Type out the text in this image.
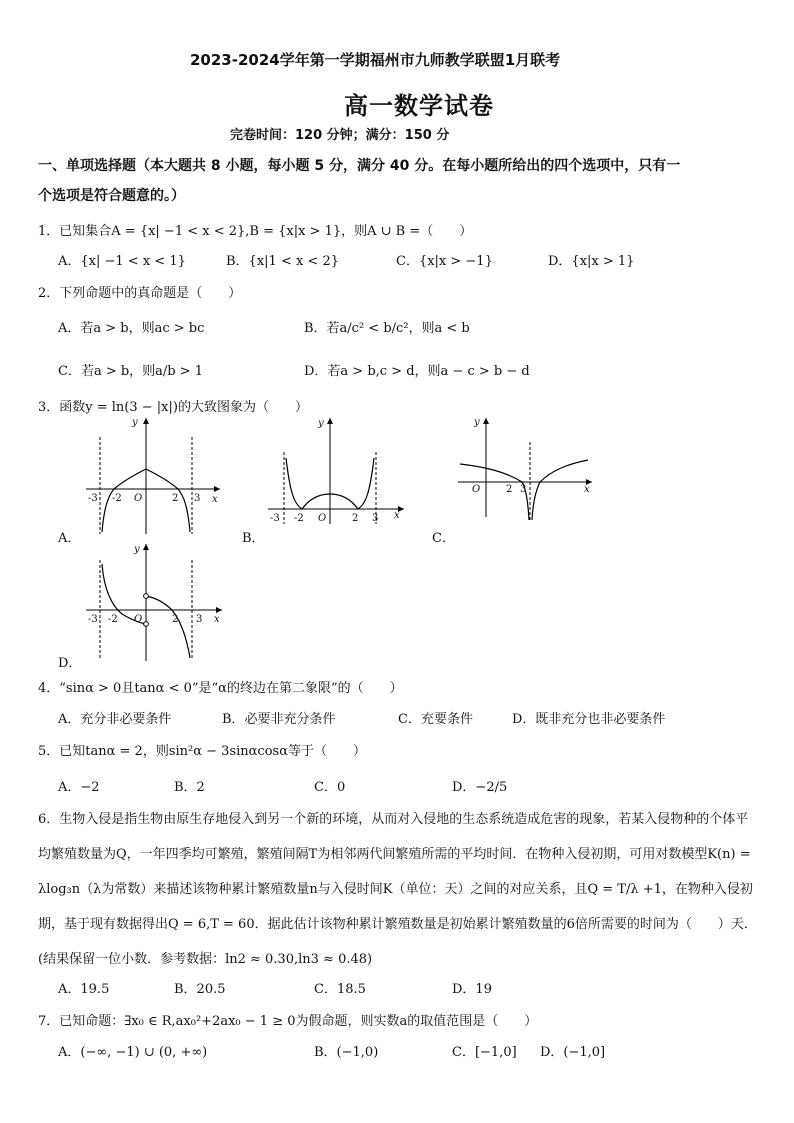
2023-2024学年第一学期福州市九师教学联盟1月联考
高一数学试卷
完卷时间：120 分钟；满分：150 分
一、单项选择题（本大题共 8 小题，每小题 5 分，满分 40 分。在每小题所给出的四个选项中，只有一
个选项是符合题意的。）
1．已知集合A = {x| −1 < x < 2},B = {x|x > 1}，则A ∪ B =（　　）
A．{x| −1 < x < 1}	B．{x|1 < x < 2}	C．{x|x > −1}	D．{x|x > 1}
2．下列命题中的真命题是（　　）
A．若a > b，则ac > bc	B．若a/c² < b/c²，则a < b
C．若a > b，则a/b > 1	D．若a > b,c > d，则a − c > b − d
3．函数y = ln(3 − |x|)的大致图象为（　　）
y
x
-3 -2 O	2 3
A．
y
x
-3 -2 O	2 3
B．
y
x
O	2 3
C．
y
x
-3 -2 O	2 3
D．
4．“sinα > 0且tanα < 0”是“α的终边在第二象限”的（　　）
A．充分非必要条件	B．必要非充分条件	C．充要条件	D．既非充分也非必要条件
5．已知tanα = 2，则sin²α − 3sinαcosα等于（　　）
A．−2	B．2	C．0	D．−2/5
6．生物入侵是指生物由原生存地侵入到另一个新的环境，从而对入侵地的生态系统造成危害的现象，若某入侵物种的个体平均繁殖数量为Q，一年四季均可繁殖，繁殖间隔T为相邻两代间繁殖所需的平均时间．在物种入侵初期，可用对数模型K(n) = λlog₃n（λ为常数）来描述该物种累计繁殖数量n与入侵时间K（单位：天）之间的对应关系，且Q = T/λ +1，在物种入侵初期，基于现有数据得出Q = 6,T = 60．据此估计该物种累计繁殖数量是初始累计繁殖数量的6倍所需要的时间为（　　）天．(结果保留一位小数．参考数据：ln2 ≈ 0.30,ln3 ≈ 0.48)
A．19.5	B．20.5	C．18.5	D．19
7．已知命题：∃x₀ ∈ R,ax₀²+2ax₀ − 1 ≥ 0为假命题，则实数a的取值范围是（　　）
A．(−∞, −1) ∪ (0, +∞)	B．(−1,0)	C．[−1,0] D．(−1,0]
